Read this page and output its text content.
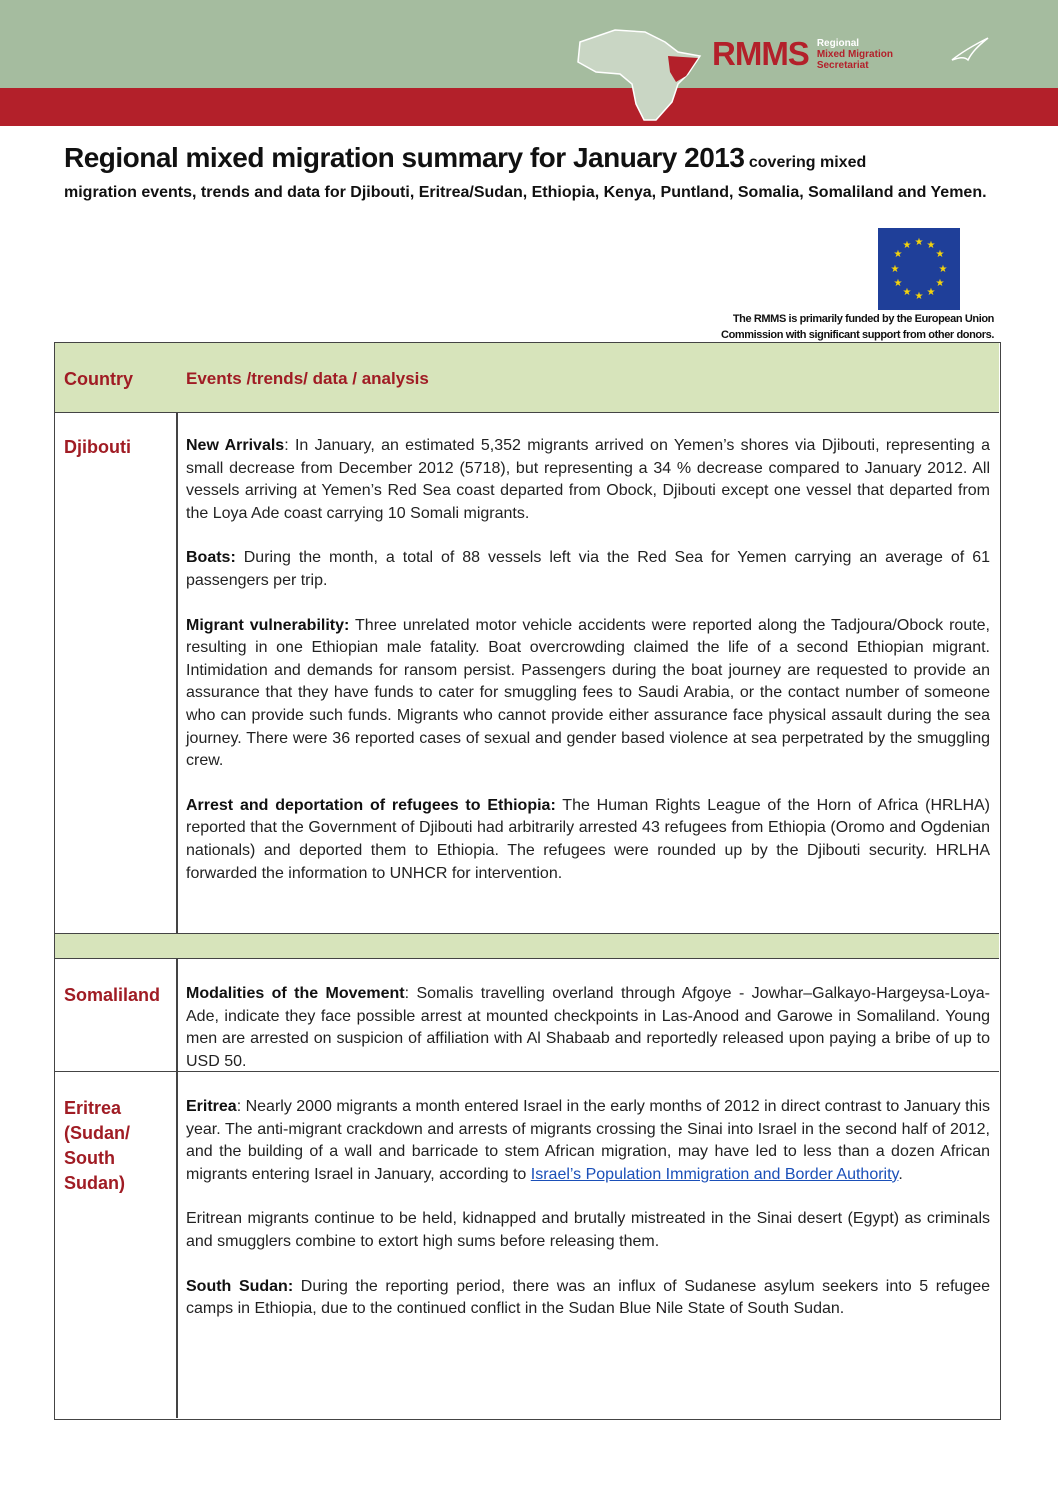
RMMS Regional
Mixed Migration
Secretariat
Regional mixed migration summary for January 2013 covering mixed
migration events, trends and data for Djibouti, Eritrea/Sudan, Ethiopia, Kenya, Puntland, Somalia, Somaliland and Yemen.
★ ★
★
★
★
★
★
★
★
★
★
★
The RMMS is primarily funded by the European Union Commission with significant support from other donors.
Country	Events /trends/ data / analysis
Djibouti	New Arrivals: In January, an estimated 5,352 migrants arrived on Yemen’s shores via Djibouti, representing a small decrease from December 2012 (5718), but representing a 34 % decrease compared to January 2012. All vessels arriving at Yemen’s Red Sea coast departed from Obock, Djibouti except one vessel that departed from the Loya Ade coast carrying 10 Somali migrants.

Boats: During the month, a total of 88 vessels left via the Red Sea for Yemen carrying an average of 61 passengers per trip.

Migrant vulnerability: Three unrelated motor vehicle accidents were reported along the Tadjoura/Obock route, resulting in one Ethiopian male fatality. Boat overcrowding claimed the life of a second Ethiopian migrant. Intimidation and demands for ransom persist. Passengers during the boat journey are requested to provide an assurance that they have funds to cater for smuggling fees to Saudi Arabia, or the contact number of someone who can provide such funds. Migrants who cannot provide either assurance face physical assault during the sea journey. There were 36 reported cases of sexual and gender based violence at sea perpetrated by the smuggling crew.

Arrest and deportation of refugees to Ethiopia: The Human Rights League of the Horn of Africa (HRLHA) reported that the Government of Djibouti had arbitrarily arrested 43 refugees from Ethiopia (Oromo and Ogdenian nationals) and deported them to Ethiopia. The refugees were rounded up by the Djibouti security. HRLHA forwarded the information to UNHCR for intervention.

Somaliland Modalities of the Movement: Somalis travelling overland through Afgoye - Jowhar–Galkayo-Hargeysa-Loya-Ade, indicate they face possible arrest at mounted checkpoints in Las-Anood and Garowe in Somaliland. Young men are arrested on suspicion of affiliation with Al Shabaab and reportedly released upon paying a bribe of up to USD 50.

Eritrea
(Sudan/
South
Sudan)

Eritrea: Nearly 2000 migrants a month entered Israel in the early months of 2012 in direct contrast to January this year. The anti-migrant crackdown and arrests of migrants crossing the Sinai into Israel in the second half of 2012, and the building of a wall and barricade to stem African migration, may have led to less than a dozen African migrants entering Israel in January, according to Israel’s Population Immigration and Border Authority.

Eritrean migrants continue to be held, kidnapped and brutally mistreated in the Sinai desert (Egypt) as criminals and smugglers combine to extort high sums before releasing them.

South Sudan: During the reporting period, there was an influx of Sudanese asylum seekers into 5 refugee camps in Ethiopia, due to the continued conflict in the Sudan Blue Nile State of South Sudan.
